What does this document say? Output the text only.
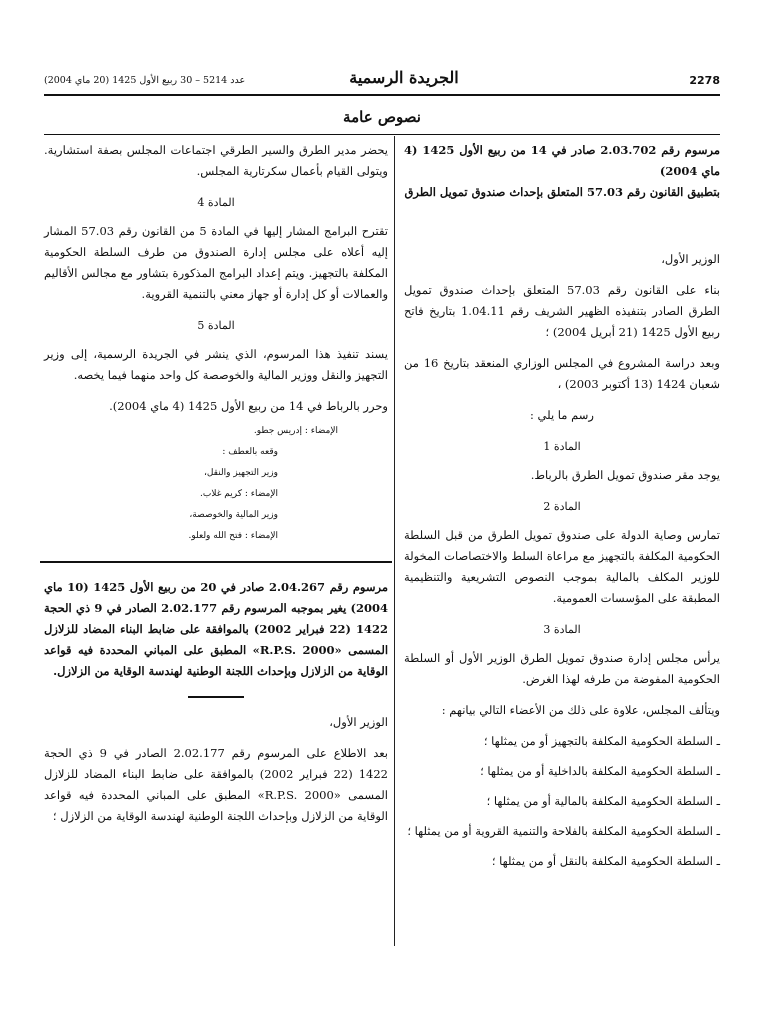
2278
الجريدة الرسمية
عدد 5214 – 30 ربيع الأول 1425 (20 ماي 2004)
نصوص عامة

مرسوم رقم 2.03.702 صادر في 14 من ربيع الأول 1425 (4 ماي 2004)

بتطبيق القانون رقم 57.03 المتعلق بإحداث صندوق تمويل الطرق

الوزير الأول،

بناء على القانون رقم 57.03 المتعلق بإحداث صندوق تمويل الطرق الصادر بتنفيذه الظهير الشريف رقم 1.04.11 بتاريخ فاتح ربيع الأول 1425 (21 أبريل 2004) ؛

وبعد دراسة المشروع في المجلس الوزاري المنعقد بتاريخ 16 من شعبان 1424 (13 أكتوبر 2003) ،

رسم ما يلي :

المادة 1

يوجد مقر صندوق تمويل الطرق بالرباط.

المادة 2

تمارس وصاية الدولة على صندوق تمويل الطرق من قبل السلطة الحكومية المكلفة بالتجهيز مع مراعاة السلط والاختصاصات المخولة للوزير المكلف بالمالية بموجب النصوص التشريعية والتنظيمية المطبقة على المؤسسات العمومية.

المادة 3

يرأس مجلس إدارة صندوق تمويل الطرق الوزير الأول أو السلطة الحكومية المفوضة من طرفه لهذا الغرض.

ويتألف المجلس، علاوة على ذلك من الأعضاء التالي بيانهم :

ـ السلطة الحكومية المكلفة بالتجهيز أو من يمثلها ؛

ـ السلطة الحكومية المكلفة بالداخلية أو من يمثلها ؛

ـ السلطة الحكومية المكلفة بالمالية أو من يمثلها ؛

ـ السلطة الحكومية المكلفة بالفلاحة والتنمية القروية أو من يمثلها ؛

ـ السلطة الحكومية المكلفة بالنقل أو من يمثلها ؛

يحضر مدير الطرق والسير الطرقي اجتماعات المجلس بصفة استشارية. ويتولى القيام بأعمال سكرتارية المجلس.

المادة 4

تقترح البرامج المشار إليها في المادة 5 من القانون رقم 57.03 المشار إليه أعلاه على مجلس إدارة الصندوق من طرف السلطة الحكومية المكلفة بالتجهيز. ويتم إعداد البرامج المذكورة بتشاور مع مجالس الأقاليم والعمالات أو كل إدارة أو جهاز معني بالتنمية القروية.

المادة 5

يسند تنفيذ هذا المرسوم، الذي ينشر في الجريدة الرسمية، إلى وزير التجهيز والنقل ووزير المالية والخوصصة كل واحد منهما فيما يخصه.

وحرر بالرباط في 14 من ربيع الأول 1425 (4 ماي 2004).

الإمضاء : إدريس جطو.
وقعه بالعطف :
وزير التجهيز والنقل،
الإمضاء : كريم غلاب.
وزير المالية والخوصصة،
الإمضاء : فتح الله ولعلو.

مرسوم رقم 2.04.267 صادر في 20 من ربيع الأول 1425 (10 ماي 2004) يغير بموجبه المرسوم رقم 2.02.177 الصادر في 9 ذي الحجة 1422 (22 فبراير 2002) بالموافقة على ضابط البناء المضاد للزلازل المسمى «R.P.S. 2000» المطبق على المباني المحددة فيه قواعد الوقاية من الزلازل وبإحداث اللجنة الوطنية لهندسة الوقاية من الزلازل.

الوزير الأول،

بعد الاطلاع على المرسوم رقم 2.02.177 الصادر في 9 ذي الحجة 1422 (22 فبراير 2002) بالموافقة على ضابط البناء المضاد للزلازل المسمى «R.P.S. 2000» المطبق على المباني المحددة فيه قواعد الوقاية من الزلازل وبإحداث اللجنة الوطنية لهندسة الوقاية من الزلازل ؛
